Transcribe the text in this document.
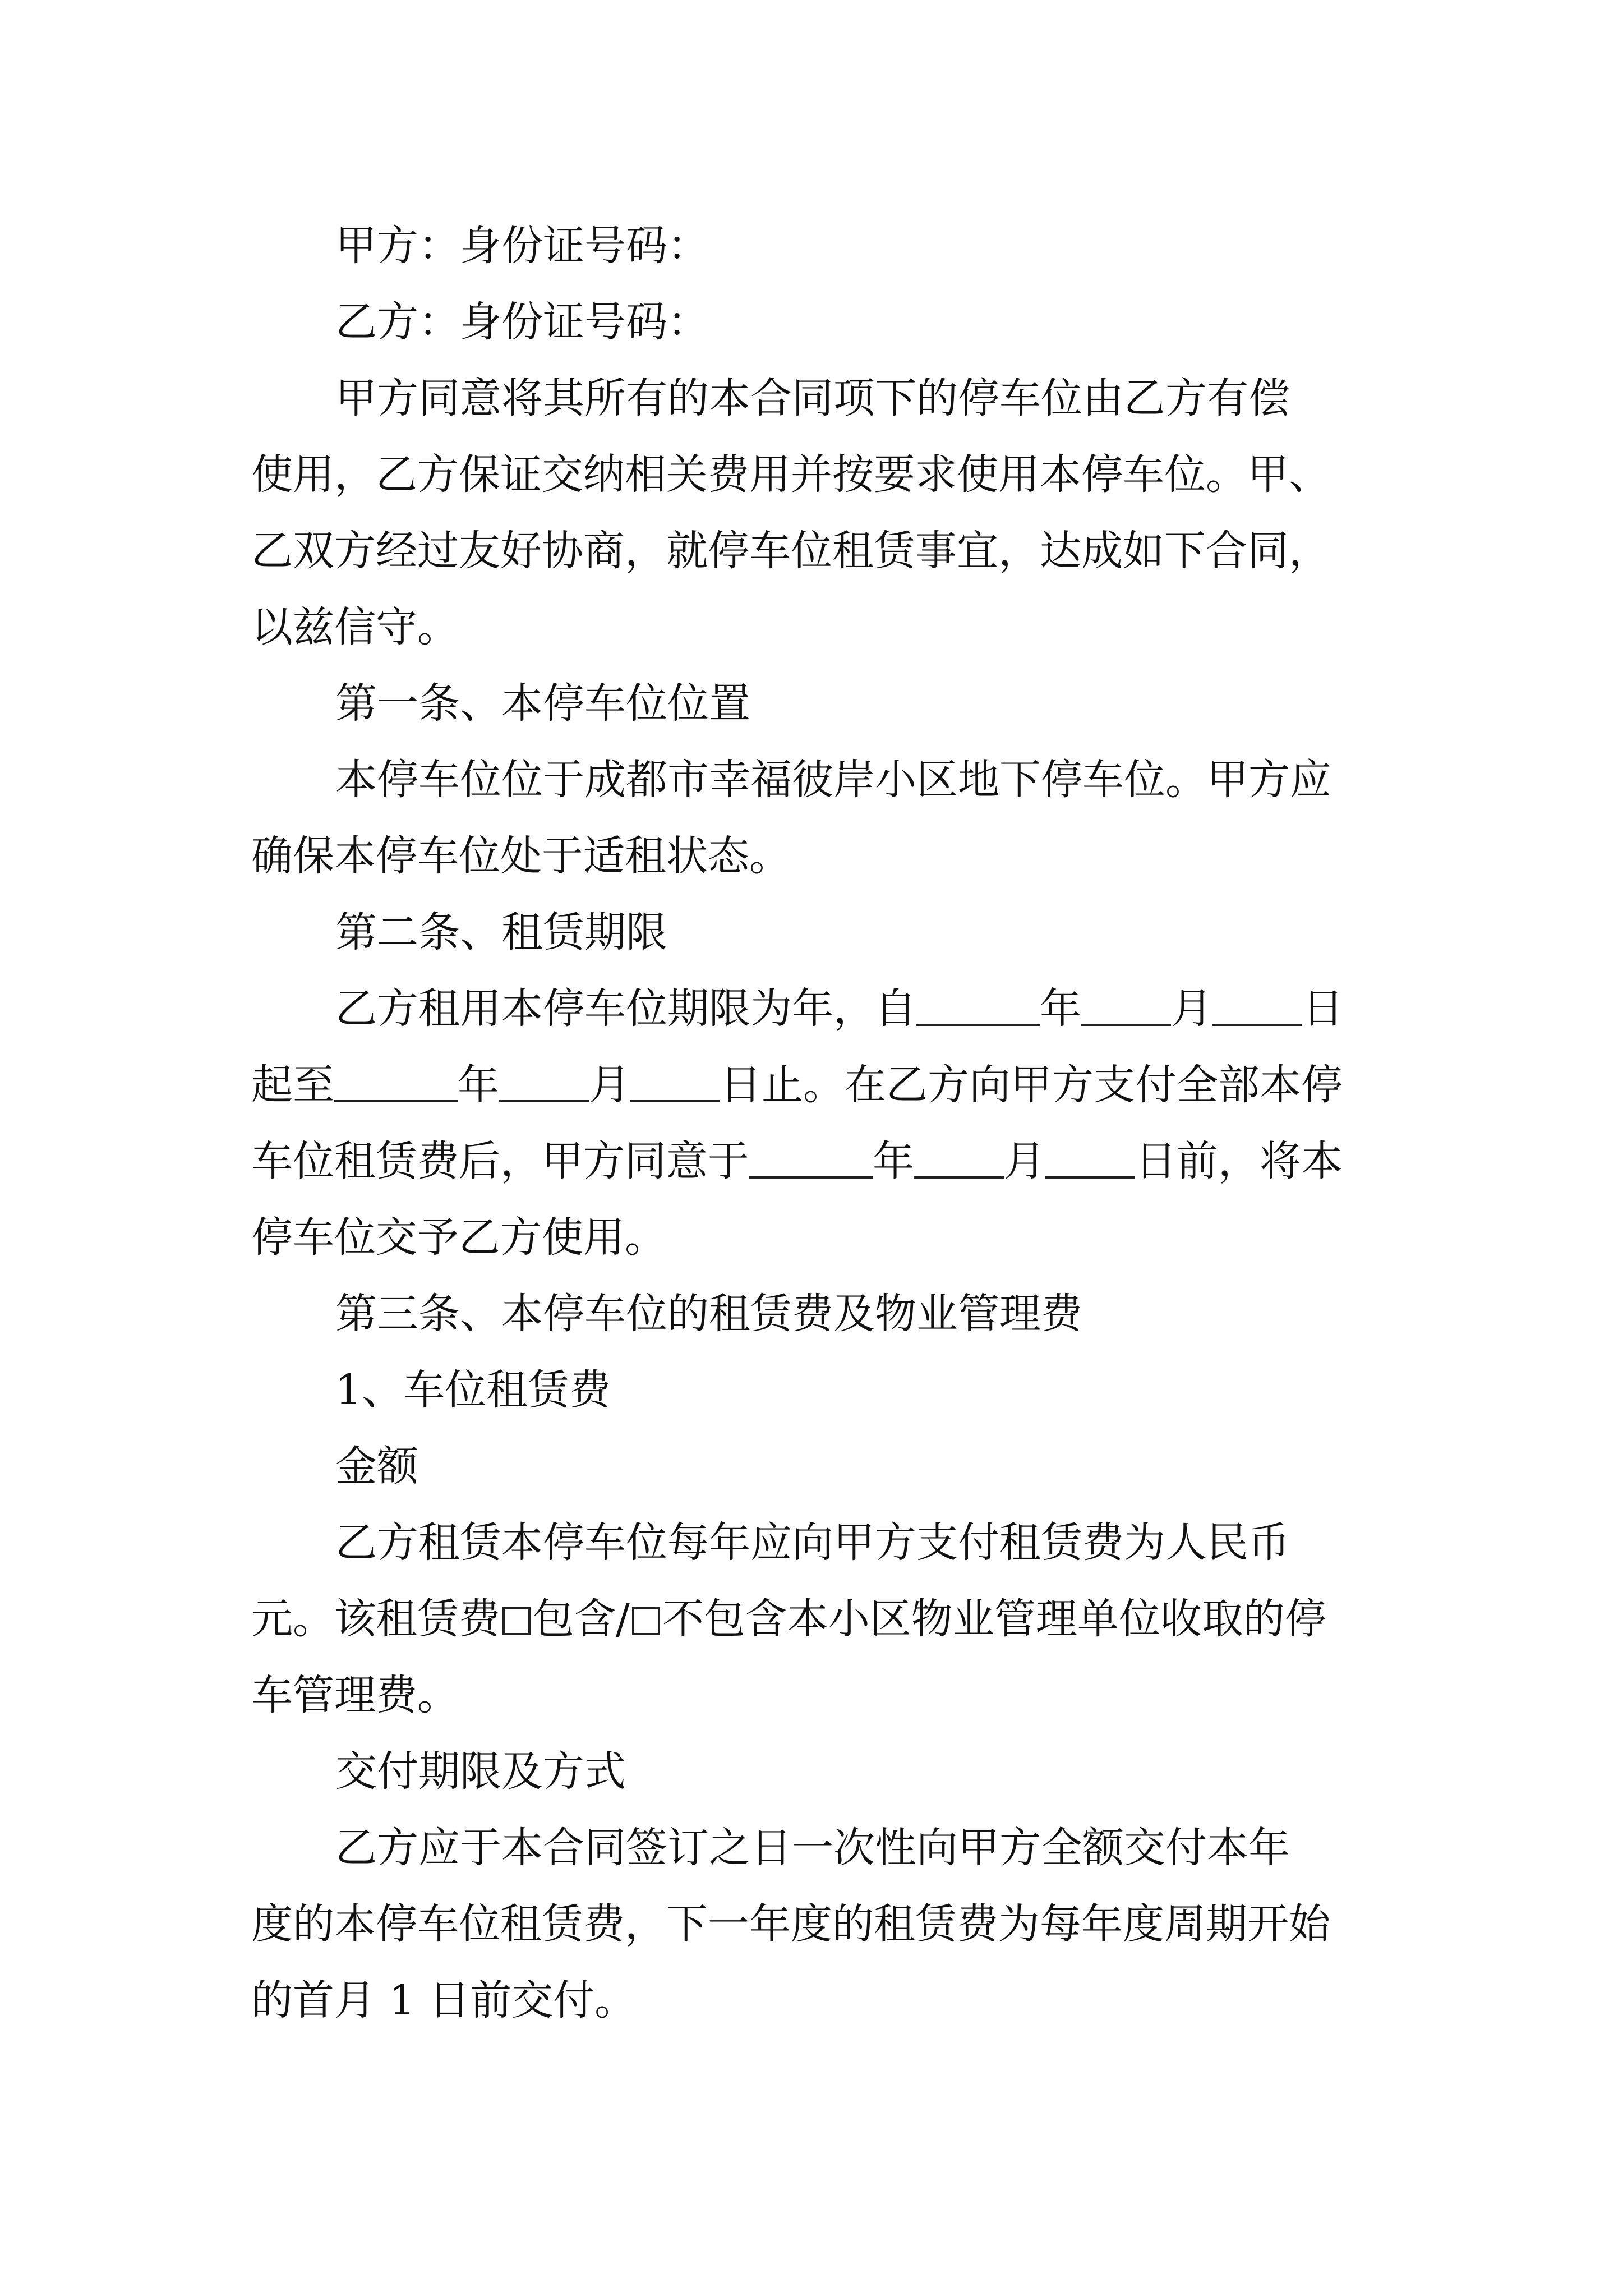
甲方：身份证号码：
乙方：身份证号码：
甲方同意将其所有的本合同项下的停车位由乙方有偿
使用，乙方保证交纳相关费用并按要求使用本停车位。甲、
乙双方经过友好协商，就停车位租赁事宜，达成如下合同，
以兹信守。
第一条、本停车位位置
本停车位位于成都市幸福彼岸小区地下停车位。甲方应
确保本停车位处于适租状态。
第二条、租赁期限
乙方租用本停车位期限为年，自	年 月 日
起至	年 月 日止。在乙方向甲方支付全部本停
车位租赁费后，甲方同意于	年 月 日前，将本
停车位交予乙方使用。
第三条、本停车位的租赁费及物业管理费
1、车位租赁费
金额
乙方租赁本停车位每年应向甲方支付租赁费为人民币
元。该租赁费 包含/ 不包含本小区物业管理单位收取的停
车管理费。
交付期限及方式
乙方应于本合同签订之日一次性向甲方全额交付本年
度的本停车位租赁费，下一年度的租赁费为每年度周期开始
的首月 1 日前交付。
